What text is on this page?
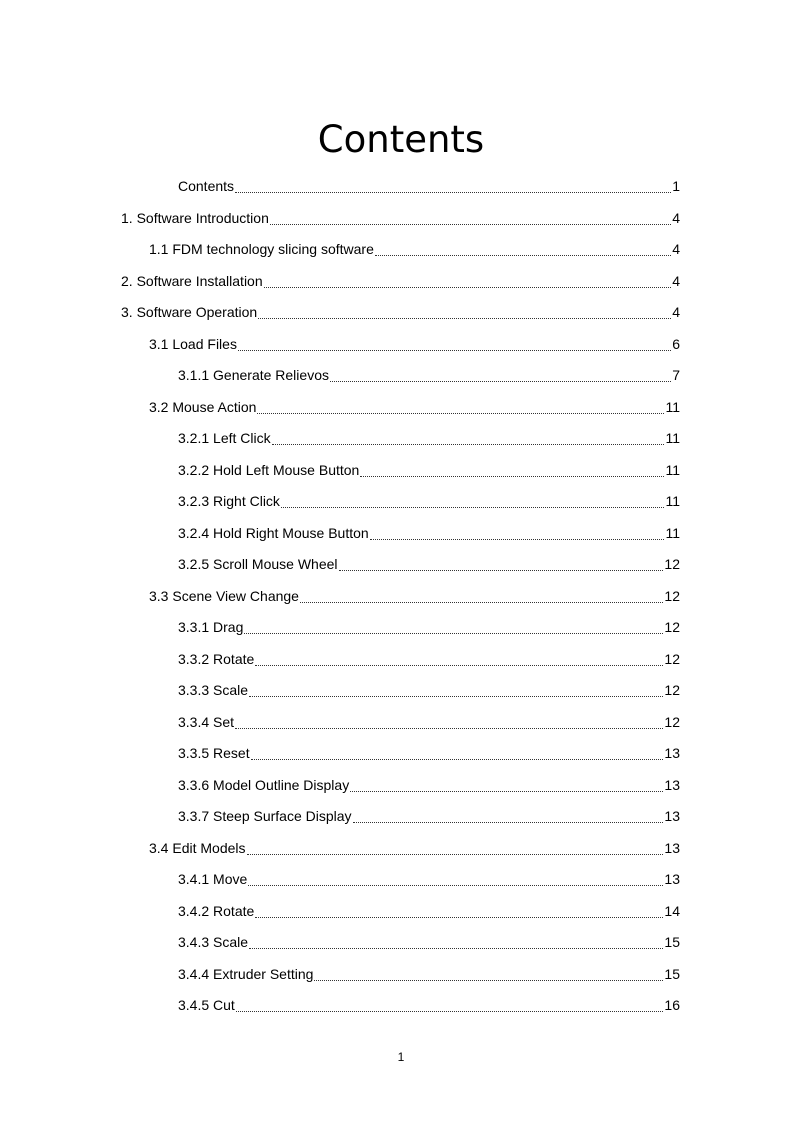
Contents
Contents	1
1. Software Introduction	4
1.1 FDM technology slicing software	4
2. Software Installation	4
3. Software Operation	4
3.1 Load Files	6
3.1.1 Generate Relievos	7
3.2 Mouse Action	11
3.2.1 Left Click	11
3.2.2 Hold Left Mouse Button	11
3.2.3 Right Click	11
3.2.4 Hold Right Mouse Button	11
3.2.5 Scroll Mouse Wheel	12
3.3 Scene View Change	12
3.3.1 Drag	12
3.3.2 Rotate	12
3.3.3 Scale	12
3.3.4 Set	12
3.3.5 Reset	13
3.3.6 Model Outline Display	13
3.3.7 Steep Surface Display	13
3.4 Edit Models	13
3.4.1 Move	13
3.4.2 Rotate	14
3.4.3 Scale	15
3.4.4 Extruder Setting	15
3.4.5 Cut	16
1
